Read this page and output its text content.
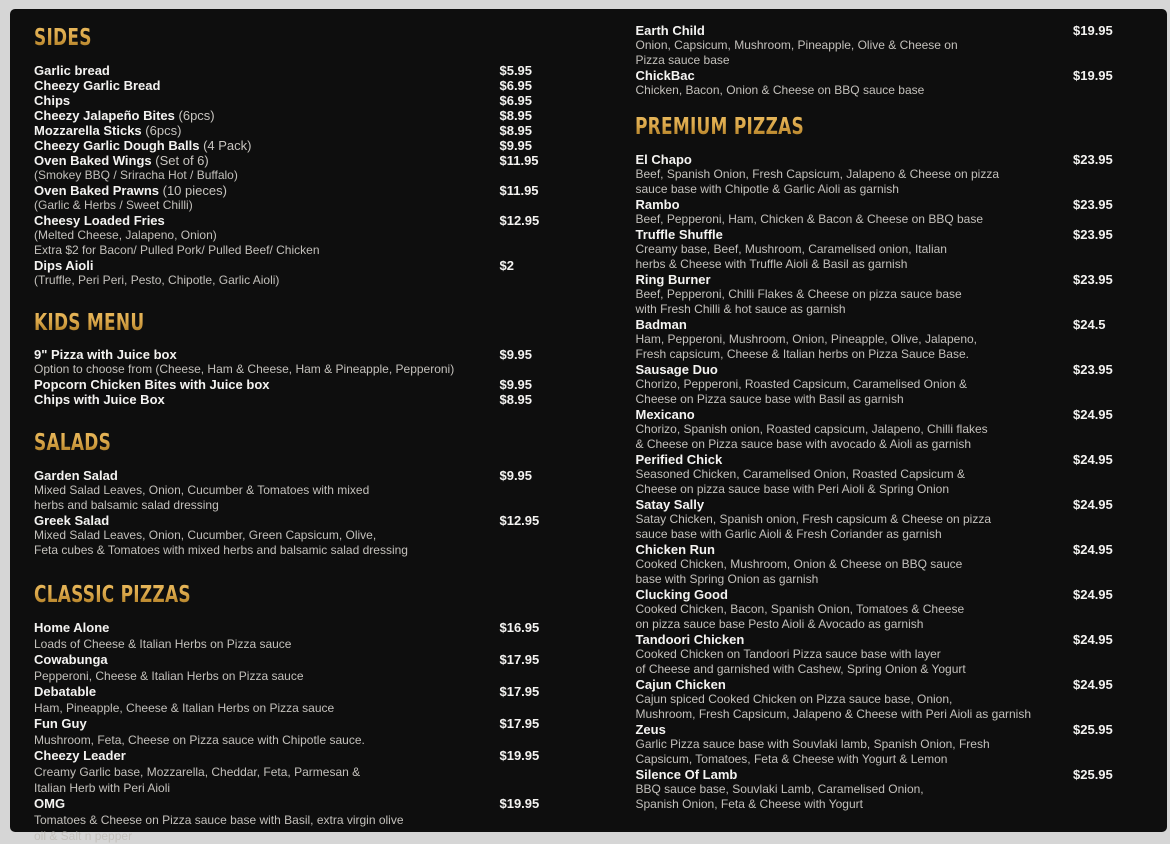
SIDES
Garlic bread	$5.95
Cheezy Garlic Bread	$6.95
Chips	$6.95
Cheezy Jalapeño Bites (6pcs)	$8.95
Mozzarella Sticks (6pcs)	$8.95
Cheezy Garlic Dough Balls (4 Pack)	$9.95
Oven Baked Wings (Set of 6)	$11.95
(Smokey BBQ / Sriracha Hot / Buffalo)
Oven Baked Prawns (10 pieces)	$11.95
(Garlic & Herbs / Sweet Chilli)
Cheesy Loaded Fries	$12.95
(Melted Cheese, Jalapeno, Onion)
Extra $2 for Bacon/ Pulled Pork/ Pulled Beef/ Chicken
Dips Aioli	$2
(Truffle, Peri Peri, Pesto, Chipotle, Garlic Aioli)
KIDS MENU
9" Pizza with Juice box	$9.95
Option to choose from (Cheese, Ham & Cheese, Ham & Pineapple, Pepperoni)
Popcorn Chicken Bites with Juice box	$9.95
Chips with Juice Box	$8.95
SALADS
Garden Salad	$9.95
Mixed Salad Leaves, Onion, Cucumber & Tomatoes with mixed
herbs and balsamic salad dressing
Greek Salad	$12.95
Mixed Salad Leaves, Onion, Cucumber, Green Capsicum, Olive,
Feta cubes & Tomatoes with mixed herbs and balsamic salad dressing
CLASSIC PIZZAS
Home Alone	$16.95
Loads of Cheese & Italian Herbs on Pizza sauce
Cowabunga	$17.95
Pepperoni, Cheese & Italian Herbs on Pizza sauce
Debatable	$17.95
Ham, Pineapple, Cheese & Italian Herbs on Pizza sauce
Fun Guy	$17.95
Mushroom, Feta, Cheese on Pizza sauce with Chipotle sauce.
Cheezy Leader	$19.95
Creamy Garlic base, Mozzarella, Cheddar, Feta, Parmesan &
Italian Herb with Peri Aioli
OMG	$19.95
Tomatoes & Cheese on Pizza sauce base with Basil, extra virgin olive
oil & Salt n pepper
Earth Child	$19.95
Onion, Capsicum, Mushroom, Pineapple, Olive & Cheese on
Pizza sauce base
ChickBac	$19.95
Chicken, Bacon, Onion & Cheese on BBQ sauce base
PREMIUM PIZZAS
El Chapo	$23.95
Beef, Spanish Onion, Fresh Capsicum, Jalapeno & Cheese on pizza
sauce base with Chipotle & Garlic Aioli as garnish
Rambo	$23.95
Beef, Pepperoni, Ham, Chicken & Bacon & Cheese on BBQ base
Truffle Shuffle	$23.95
Creamy base, Beef, Mushroom, Caramelised onion, Italian
herbs & Cheese with Truffle Aioli & Basil as garnish
Ring Burner	$23.95
Beef, Pepperoni, Chilli Flakes & Cheese on pizza sauce base
with Fresh Chilli & hot sauce as garnish
Badman	$24.5
Ham, Pepperoni, Mushroom, Onion, Pineapple, Olive, Jalapeno,
Fresh capsicum, Cheese & Italian herbs on Pizza Sauce Base.
Sausage Duo	$23.95
Chorizo, Pepperoni, Roasted Capsicum, Caramelised Onion &
Cheese on Pizza sauce base with Basil as garnish
Mexicano	$24.95
Chorizo, Spanish onion, Roasted capsicum, Jalapeno, Chilli flakes
& Cheese on Pizza sauce base with avocado & Aioli as garnish
Perified Chick	$24.95
Seasoned Chicken, Caramelised Onion, Roasted Capsicum &
Cheese on pizza sauce base with Peri Aioli & Spring Onion
Satay Sally	$24.95
Satay Chicken, Spanish onion, Fresh capsicum & Cheese on pizza
sauce base with Garlic Aioli & Fresh Coriander as garnish
Chicken Run	$24.95
Cooked Chicken, Mushroom, Onion & Cheese on BBQ sauce
base with Spring Onion as garnish
Clucking Good	$24.95
Cooked Chicken, Bacon, Spanish Onion, Tomatoes & Cheese
on pizza sauce base Pesto Aioli & Avocado as garnish
Tandoori Chicken	$24.95
Cooked Chicken on Tandoori Pizza sauce base with layer
of Cheese and garnished with Cashew, Spring Onion & Yogurt
Cajun Chicken	$24.95
Cajun spiced Cooked Chicken on Pizza sauce base, Onion,
Mushroom, Fresh Capsicum, Jalapeno & Cheese with Peri Aioli as garnish
Zeus	$25.95
Garlic Pizza sauce base with Souvlaki lamb, Spanish Onion, Fresh
Capsicum, Tomatoes, Feta & Cheese with Yogurt & Lemon
Silence Of Lamb	$25.95
BBQ sauce base, Souvlaki Lamb, Caramelised Onion,
Spanish Onion, Feta & Cheese with Yogurt
